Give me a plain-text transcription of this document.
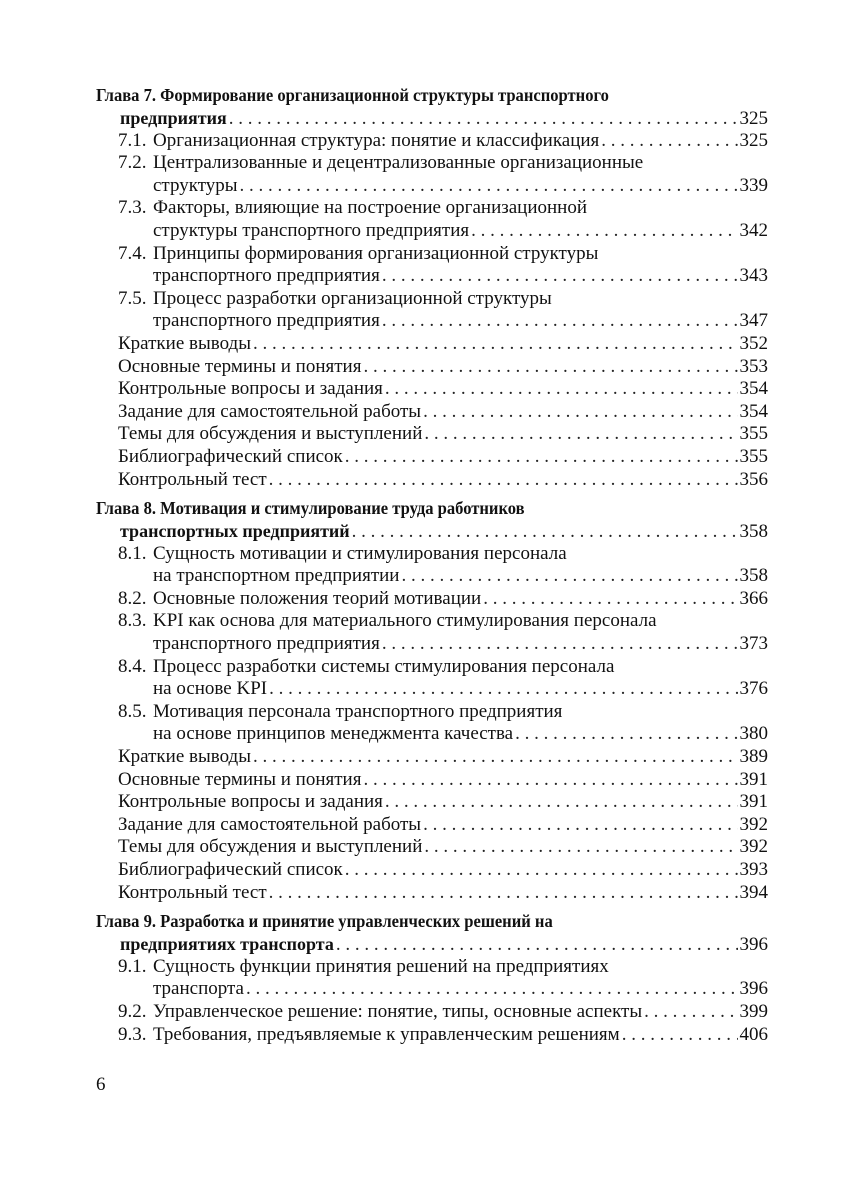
Глава 7. Формирование организационной структуры транспортного
предприятия . . .	325
7.1. Организационная структура: понятие и классификация . . .	325
7.2. Централизованные и децентрализованные организационные
структуры . . .	339
7.3. Факторы, влияющие на построение организационной
структуры транспортного предприятия . . .	342
7.4. Принципы формирования организационной структуры
транспортного предприятия . . .	343
7.5. Процесс разработки организационной структуры
транспортного предприятия . . .	347
Краткие выводы . . .	352
Основные термины и понятия . . .	353
Контрольные вопросы и задания . . .	354
Задание для самостоятельной работы . . .	354
Темы для обсуждения и выступлений . . .	355
Библиографический список . . .	355
Контрольный тест . . .	356
Глава 8. Мотивация и стимулирование труда работников
транспортных предприятий . . .	358
8.1. Сущность мотивации и стимулирования персонала
на транспортном предприятии . . .	358
8.2. Основные положения теорий мотивации . . .	366
8.3. KPI как основа для материального стимулирования персонала
транспортного предприятия . . .	373
8.4. Процесс разработки системы стимулирования персонала
на основе KPI . . .	376
8.5. Мотивация персонала транспортного предприятия
на основе принципов менеджмента качества . . .	380
Краткие выводы . . .	389
Основные термины и понятия . . .	391
Контрольные вопросы и задания . . .	391
Задание для самостоятельной работы . . .	392
Темы для обсуждения и выступлений . . .	392
Библиографический список . . .	393
Контрольный тест . . .	394
Глава 9. Разработка и принятие управленческих решений на
предприятиях транспорта . . .	396
9.1. Сущность функции принятия решений на предприятиях
транспорта . . .	396
9.2. Управленческое решение: понятие, типы, основные аспекты . . .	399
9.3. Требования, предъявляемые к управленческим решениям . . .	406
6
